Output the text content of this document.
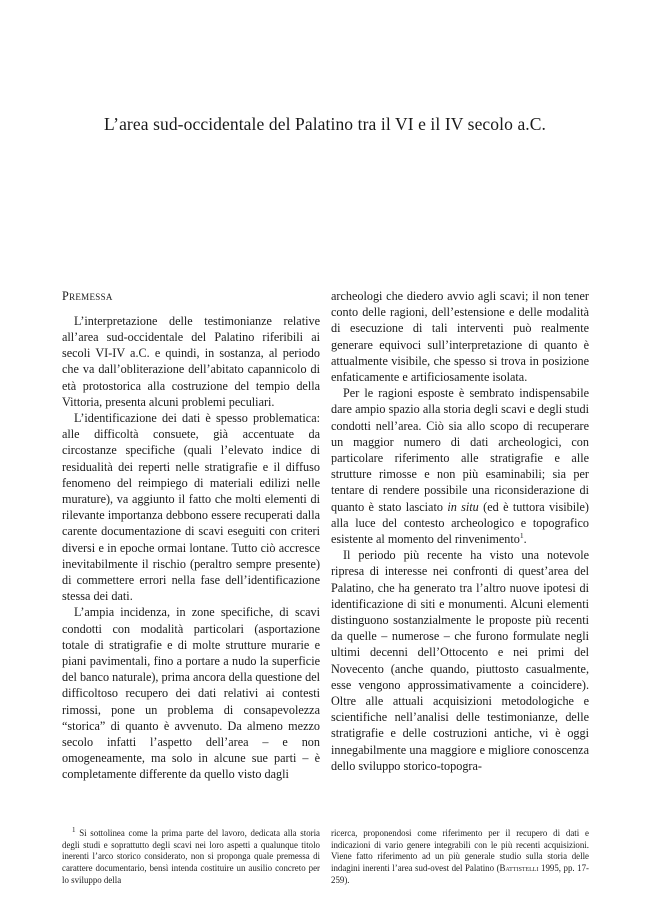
L’area sud-occidentale del Palatino tra il VI e il IV secolo a.C.
Premessa

L’interpretazione delle testimonianze relative all’area sud-occidentale del Palatino riferibili ai secoli VI-IV a.C. e quindi, in sostanza, al periodo che va dall’obliterazione dell’abitato capannicolo di età protostorica alla costruzione del tempio della Vittoria, presenta alcuni problemi peculiari.

L’identificazione dei dati è spesso problematica: alle difficoltà consuete, già accentuate da circostanze specifiche (quali l’elevato indice di residualità dei reperti nelle stratigrafie e il diffuso fenomeno del reimpiego di materiali edilizi nelle murature), va aggiunto il fatto che molti elementi di rilevante importanza debbono essere recuperati dalla carente documentazione di scavi eseguiti con criteri diversi e in epoche ormai lontane. Tutto ciò accresce inevitabilmente il rischio (peraltro sempre presente) di commettere errori nella fase dell’identificazione stessa dei dati.

L’ampia incidenza, in zone specifiche, di scavi condotti con modalità particolari (asportazione totale di stratigrafie e di molte strutture murarie e piani pavimentali, fino a portare a nudo la superficie del banco naturale), prima ancora della questione del difficoltoso recupero dei dati relativi ai contesti rimossi, pone un problema di consapevolezza “storica” di quanto è avvenuto. Da almeno mezzo secolo infatti l’aspetto dell’area – e non omogeneamente, ma solo in alcune sue parti – è completamente differente da quello visto dagli

archeologi che diedero avvio agli scavi; il non tener conto delle ragioni, dell’estensione e delle modalità di esecuzione di tali interventi può realmente generare equivoci sull’interpretazione di quanto è attualmente visibile, che spesso si trova in posizione enfaticamente e artificiosamente isolata.

Per le ragioni esposte è sembrato indispensabile dare ampio spazio alla storia degli scavi e degli studi condotti nell’area. Ciò sia allo scopo di recuperare un maggior numero di dati archeologici, con particolare riferimento alle stratigrafie e alle strutture rimosse e non più esaminabili; sia per tentare di rendere possibile una riconsiderazione di quanto è stato lasciato in situ (ed è tuttora visibile) alla luce del contesto archeologico e topografico esistente al momento del rinvenimento$^1$.

Il periodo più recente ha visto una notevole ripresa di interesse nei confronti di quest’area del Palatino, che ha generato tra l’altro nuove ipotesi di identificazione di siti e monumenti. Alcuni elementi distinguono sostanzialmente le proposte più recenti da quelle – numerose – che furono formulate negli ultimi decenni dell’Ottocento e nei primi del Novecento (anche quando, piuttosto casualmente, esse vengono approssimativamente a coincidere). Oltre alle attuali acquisizioni metodologiche e scientifiche nell’analisi delle testimonianze, delle stratigrafie e delle costruzioni antiche, vi è oggi innegabilmente una maggiore e migliore conoscenza dello sviluppo storico-topogra-

$^1$ Si sottolinea come la prima parte del lavoro, dedicata alla storia degli studi e soprattutto degli scavi nei loro aspetti a qualunque titolo inerenti l’arco storico considerato, non si proponga quale premessa di carattere documentario, bensì intenda costituire un ausilio concreto per lo sviluppo della

ricerca, proponendosi come riferimento per il recupero di dati e indicazioni di vario genere integrabili con le più recenti acquisizioni. Viene fatto riferimento ad un più generale studio sulla storia delle indagini inerenti l’area sud-ovest del Palatino (Battistelli 1995, pp. 17-259).
